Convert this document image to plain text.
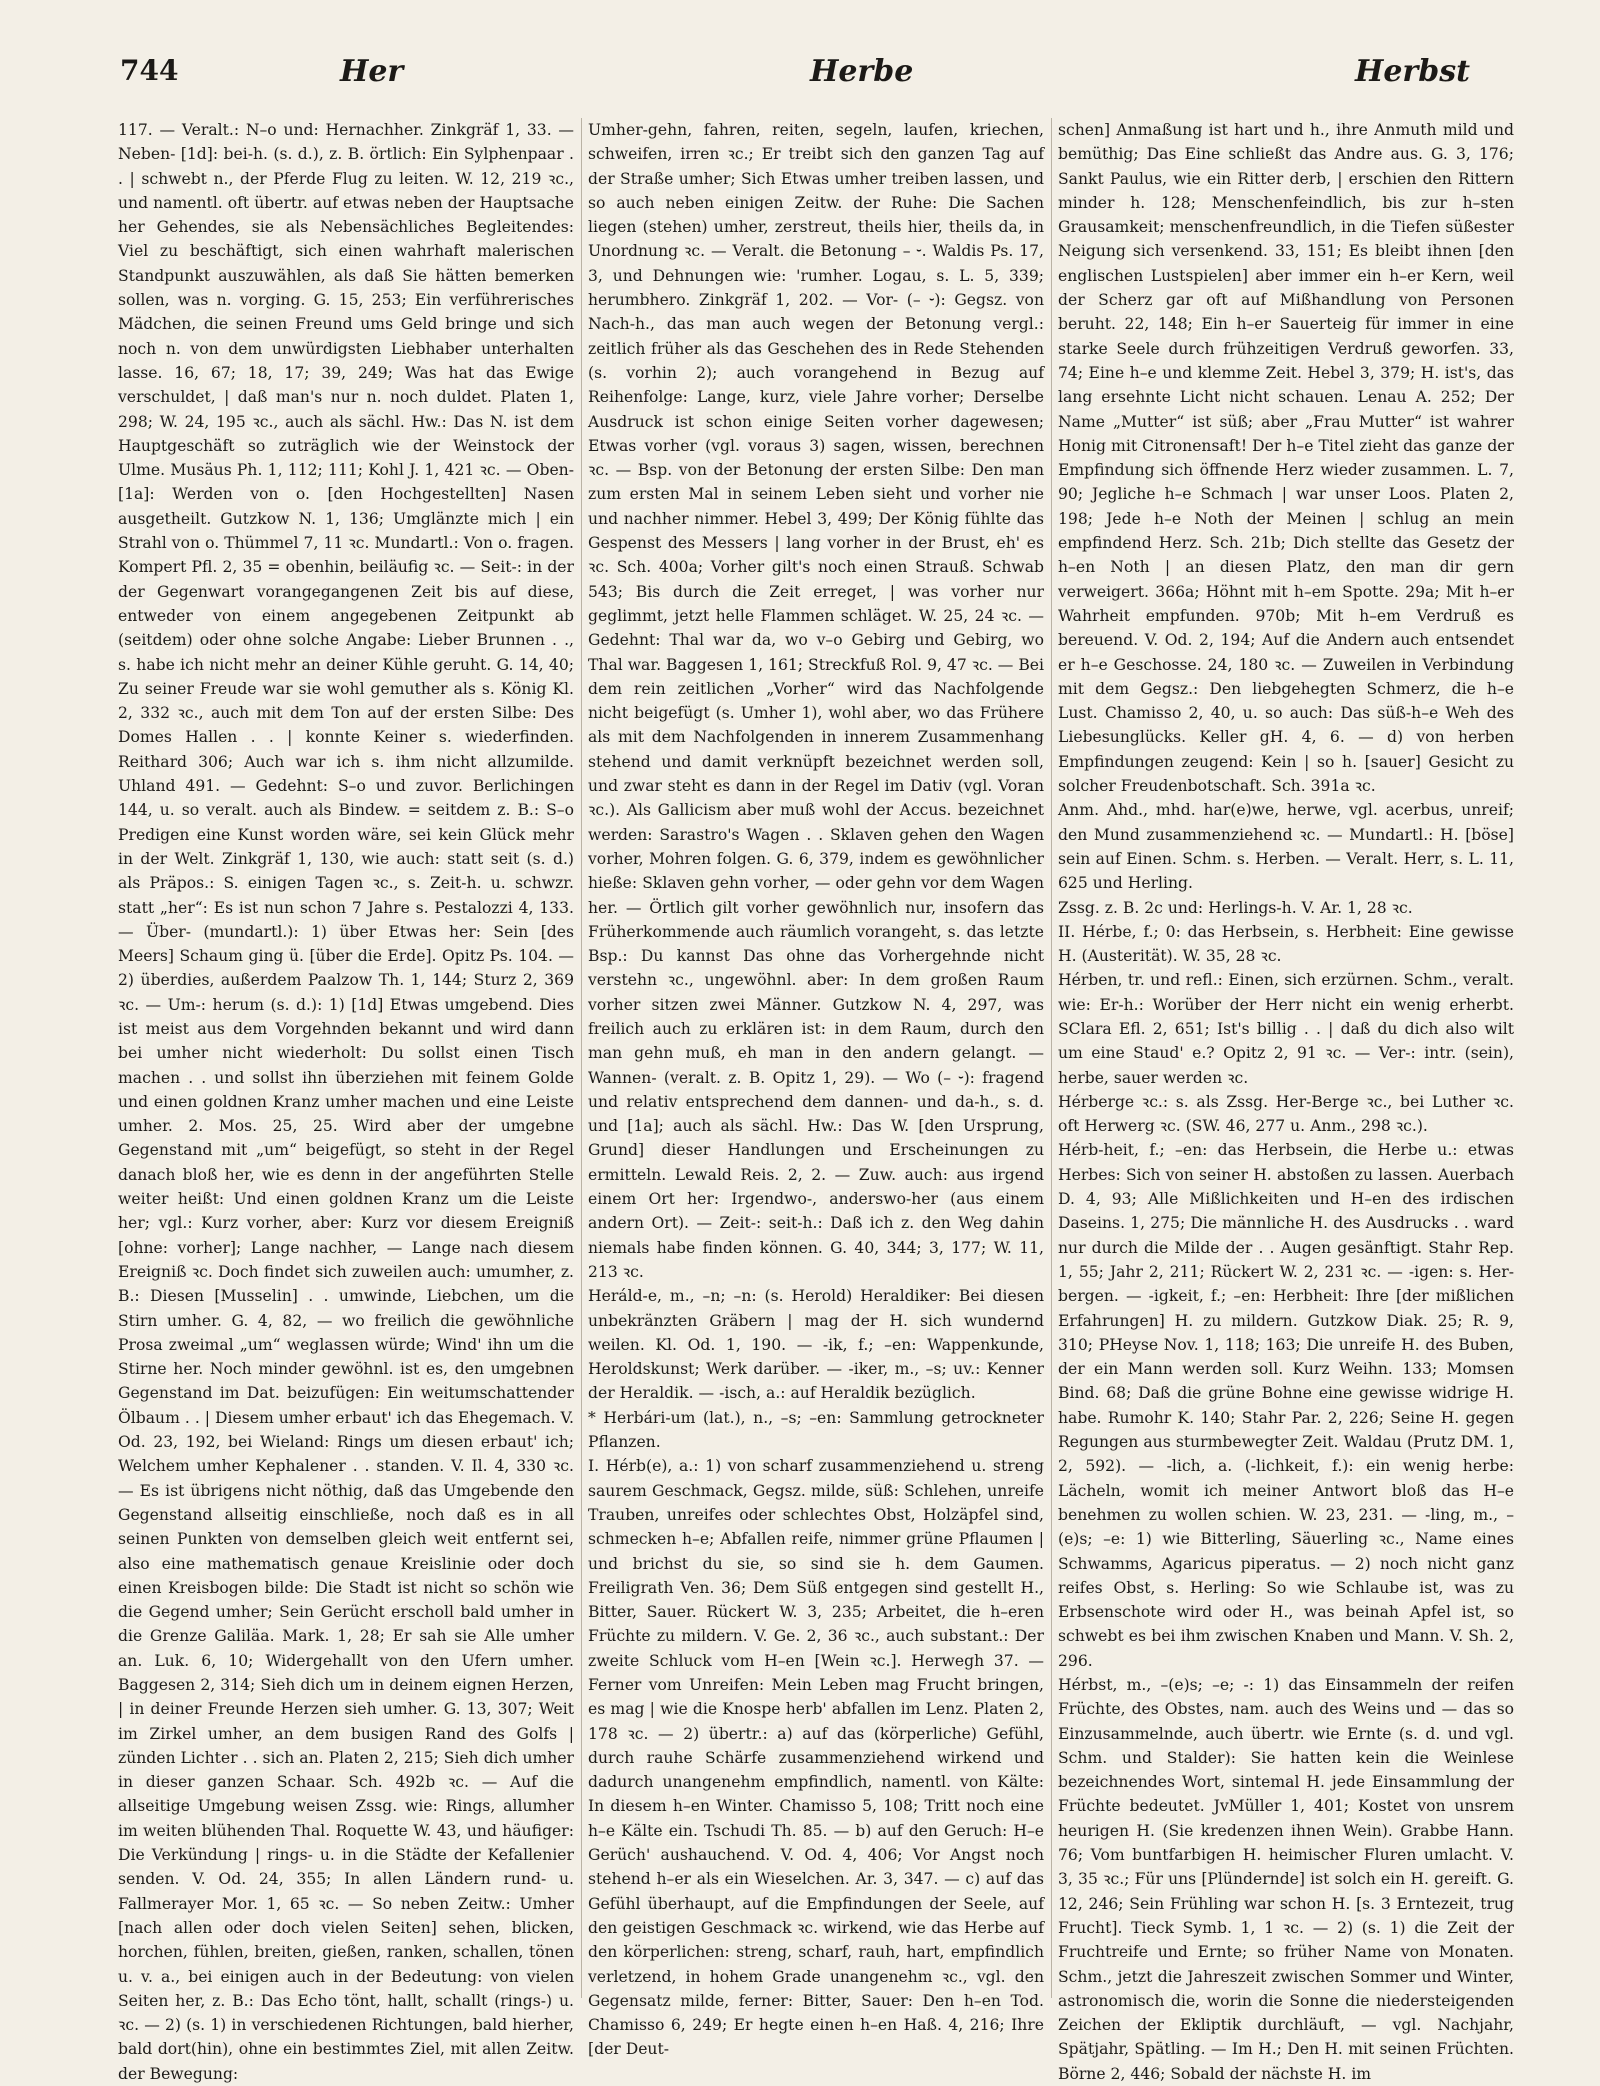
744	Her	Herbe	Herbst

117. — Veralt.: N–o und: Hernachher. Zinkgräf 1, 33. — Neben- [1d]: bei-h. (s. d.), z. B. örtlich: Ein Sylphenpaar . . | schwebt n., der Pferde Flug zu leiten. W. 12, 219 ꝛc., und namentl. oft übertr. auf etwas neben der Hauptsache her Gehendes, sie als Nebensächliches Begleitendes: Viel zu beschäftigt, sich einen wahrhaft malerischen Standpunkt auszuwählen, als daß Sie hätten bemerken sollen, was n. vorging. G. 15, 253; Ein verführerisches Mädchen, die seinen Freund ums Geld bringe und sich noch n. von dem unwürdigsten Liebhaber unterhalten lasse. 16, 67; 18, 17; 39, 249; Was hat das Ewige verschuldet, | daß man's nur n. noch duldet. Platen 1, 298; W. 24, 195 ꝛc., auch als sächl. Hw.: Das N. ist dem Hauptgeschäft so zuträglich wie der Weinstock der Ulme. Musäus Ph. 1, 112; 111; Kohl J. 1, 421 ꝛc. — Oben- [1a]: Werden von o. [den Hochgestellten] Nasen ausgetheilt. Gutzkow N. 1, 136; Umglänzte mich | ein Strahl von o. Thümmel 7, 11 ꝛc. Mundartl.: Von o. fragen. Kompert Pfl. 2, 35 = obenhin, beiläufig ꝛc. — Seit-: in der der Gegenwart vorangegangenen Zeit bis auf diese, entweder von einem angegebenen Zeitpunkt ab (seitdem) oder ohne solche Angabe: Lieber Brunnen . ., s. habe ich nicht mehr an deiner Kühle geruht. G. 14, 40; Zu seiner Freude war sie wohl gemuther als s. König Kl. 2, 332 ꝛc., auch mit dem Ton auf der ersten Silbe: Des Domes Hallen . . | konnte Keiner s. wiederfinden. Reithard 306; Auch war ich s. ihm nicht allzumilde. Uhland 491. — Gedehnt: S–o und zuvor. Berlichingen 144, u. so veralt. auch als Bindew. = seitdem z. B.: S–o Predigen eine Kunst worden wäre, sei kein Glück mehr in der Welt. Zinkgräf 1, 130, wie auch: statt seit (s. d.) als Präpos.: S. einigen Tagen ꝛc., s. Zeit-h. u. schwzr. statt „her“: Es ist nun schon 7 Jahre s. Pestalozzi 4, 133. — Über- (mundartl.): 1) über Etwas her: Sein [des Meers] Schaum ging ü. [über die Erde]. Opitz Ps. 104. — 2) überdies, außerdem Paalzow Th. 1, 144; Sturz 2, 369 ꝛc. — Um-: herum (s. d.): 1) [1d] Etwas umgebend. Dies ist meist aus dem Vorgehnden bekannt und wird dann bei umher nicht wiederholt: Du sollst einen Tisch machen . . und sollst ihn überziehen mit feinem Golde und einen goldnen Kranz umher machen und eine Leiste umher. 2. Mos. 25, 25. Wird aber der umgebne Gegenstand mit „um“ beigefügt, so steht in der Regel danach bloß her, wie es denn in der angeführten Stelle weiter heißt: Und einen goldnen Kranz um die Leiste her; vgl.: Kurz vorher, aber: Kurz vor diesem Ereigniß [ohne: vorher]; Lange nachher, — Lange nach diesem Ereigniß ꝛc. Doch findet sich zuweilen auch: umumher, z. B.: Diesen [Musselin] . . umwinde, Liebchen, um die Stirn umher. G. 4, 82, — wo freilich die gewöhnliche Prosa zweimal „um“ weglassen würde; Wind' ihn um die Stirne her. Noch minder gewöhnl. ist es, den umgebnen Gegenstand im Dat. beizufügen: Ein weitumschattender Ölbaum . . | Diesem umher erbaut' ich das Ehegemach. V. Od. 23, 192, bei Wieland: Rings um diesen erbaut' ich; Welchem umher Kephalener . . standen. V. Il. 4, 330 ꝛc. — Es ist übrigens nicht nöthig, daß das Umgebende den Gegenstand allseitig einschließe, noch daß es in all seinen Punkten von demselben gleich weit entfernt sei, also eine mathematisch genaue Kreislinie oder doch einen Kreisbogen bilde: Die Stadt ist nicht so schön wie die Gegend umher; Sein Gerücht erscholl bald umher in die Grenze Galiläa. Mark. 1, 28; Er sah sie Alle umher an. Luk. 6, 10; Widergehallt von den Ufern umher. Baggesen 2, 314; Sieh dich um in deinem eignen Herzen, | in deiner Freunde Herzen sieh umher. G. 13, 307; Weit im Zirkel umher, an dem busigen Rand des Golfs | zünden Lichter . . sich an. Platen 2, 215; Sieh dich umher in dieser ganzen Schaar. Sch. 492b ꝛc. — Auf die allseitige Umgebung weisen Zssg. wie: Rings, allumher im weiten blühenden Thal. Roquette W. 43, und häufiger: Die Verkündung | rings- u. in die Städte der Kefallenier senden. V. Od. 24, 355; In allen Ländern rund- u. Fallmerayer Mor. 1, 65 ꝛc. — So neben Zeitw.: Umher [nach allen oder doch vielen Seiten] sehen, blicken, horchen, fühlen, breiten, gießen, ranken, schallen, tönen u. v. a., bei einigen auch in der Bedeutung: von vielen Seiten her, z. B.: Das Echo tönt, hallt, schallt (rings-) u. ꝛc. — 2) (s. 1) in verschiedenen Richtungen, bald hierher, bald dort(hin), ohne ein bestimmtes Ziel, mit allen Zeitw. der Bewegung:

Umher-gehn, fahren, reiten, segeln, laufen, kriechen, schweifen, irren ꝛc.; Er treibt sich den ganzen Tag auf der Straße umher; Sich Etwas umher treiben lassen, und so auch neben einigen Zeitw. der Ruhe: Die Sachen liegen (stehen) umher, zerstreut, theils hier, theils da, in Unordnung ꝛc. — Veralt. die Betonung – ⏑. Waldis Ps. 17, 3, und Dehnungen wie: 'rumher. Logau, s. L. 5, 339; herumbhero. Zinkgräf 1, 202. — Vor- (– ⏑): Gegsz. von Nach-h., das man auch wegen der Betonung vergl.: zeitlich früher als das Geschehen des in Rede Stehenden (s. vorhin 2); auch vorangehend in Bezug auf Reihenfolge: Lange, kurz, viele Jahre vorher; Derselbe Ausdruck ist schon einige Seiten vorher dagewesen; Etwas vorher (vgl. voraus 3) sagen, wissen, berechnen ꝛc. — Bsp. von der Betonung der ersten Silbe: Den man zum ersten Mal in seinem Leben sieht und vorher nie und nachher nimmer. Hebel 3, 499; Der König fühlte das Gespenst des Messers | lang vorher in der Brust, eh' es ꝛc. Sch. 400a; Vorher gilt's noch einen Strauß. Schwab 543; Bis durch die Zeit erreget, | was vorher nur geglimmt, jetzt helle Flammen schläget. W. 25, 24 ꝛc. — Gedehnt: Thal war da, wo v–o Gebirg und Gebirg, wo Thal war. Baggesen 1, 161; Streckfuß Rol. 9, 47 ꝛc. — Bei dem rein zeitlichen „Vorher“ wird das Nachfolgende nicht beigefügt (s. Umher 1), wohl aber, wo das Frühere als mit dem Nachfolgenden in innerem Zusammenhang stehend und damit verknüpft bezeichnet werden soll, und zwar steht es dann in der Regel im Dativ (vgl. Voran ꝛc.). Als Gallicism aber muß wohl der Accus. bezeichnet werden: Sarastro's Wagen . . Sklaven gehen den Wagen vorher, Mohren folgen. G. 6, 379, indem es gewöhnlicher hieße: Sklaven gehn vorher, — oder gehn vor dem Wagen her. — Örtlich gilt vorher gewöhnlich nur, insofern das Früherkommende auch räumlich vorangeht, s. das letzte Bsp.: Du kannst Das ohne das Vorhergehnde nicht verstehn ꝛc., ungewöhnl. aber: In dem großen Raum vorher sitzen zwei Männer. Gutzkow N. 4, 297, was freilich auch zu erklären ist: in dem Raum, durch den man gehn muß, eh man in den andern gelangt. — Wannen- (veralt. z. B. Opitz 1, 29). — Wo (– ⏑): fragend und relativ entsprechend dem dannen- und da-h., s. d. und [1a]; auch als sächl. Hw.: Das W. [den Ursprung, Grund] dieser Handlungen und Erscheinungen zu ermitteln. Lewald Reis. 2, 2. — Zuw. auch: aus irgend einem Ort her: Irgendwo-, anderswo-her (aus einem andern Ort). — Zeit-: seit-h.: Daß ich z. den Weg dahin niemals habe finden können. G. 40, 344; 3, 177; W. 11, 213 ꝛc.

Heráld-e, m., –n; –n: (s. Herold) Heraldiker: Bei diesen unbekränzten Gräbern | mag der H. sich wundernd weilen. Kl. Od. 1, 190. — -ik, f.; –en: Wappenkunde, Heroldskunst; Werk darüber. — -iker, m., –s; uv.: Kenner der Heraldik. — -isch, a.: auf Heraldik bezüglich.

* Herbári-um (lat.), n., –s; –en: Sammlung getrockneter Pflanzen.

I. Hérb(e), a.: 1) von scharf zusammenziehend u. streng saurem Geschmack, Gegsz. milde, süß: Schlehen, unreife Trauben, unreifes oder schlechtes Obst, Holzäpfel sind, schmecken h–e; Abfallen reife, nimmer grüne Pflaumen | und brichst du sie, so sind sie h. dem Gaumen. Freiligrath Ven. 36; Dem Süß entgegen sind gestellt H., Bitter, Sauer. Rückert W. 3, 235; Arbeitet, die h–eren Früchte zu mildern. V. Ge. 2, 36 ꝛc., auch substant.: Der zweite Schluck vom H–en [Wein ꝛc.]. Herwegh 37. — Ferner vom Unreifen: Mein Leben mag Frucht bringen, es mag | wie die Knospe herb' abfallen im Lenz. Platen 2, 178 ꝛc. — 2) übertr.: a) auf das (körperliche) Gefühl, durch rauhe Schärfe zusammenziehend wirkend und dadurch unangenehm empfindlich, namentl. von Kälte: In diesem h–en Winter. Chamisso 5, 108; Tritt noch eine h–e Kälte ein. Tschudi Th. 85. — b) auf den Geruch: H–e Gerüch' aushauchend. V. Od. 4, 406; Vor Angst noch stehend h–er als ein Wieselchen. Ar. 3, 347. — c) auf das Gefühl überhaupt, auf die Empfindungen der Seele, auf den geistigen Geschmack ꝛc. wirkend, wie das Herbe auf den körperlichen: streng, scharf, rauh, hart, empfindlich verletzend, in hohem Grade unangenehm ꝛc., vgl. den Gegensatz milde, ferner: Bitter, Sauer: Den h–en Tod. Chamisso 6, 249; Er hegte einen h–en Haß. 4, 216; Ihre [der Deut-

schen] Anmaßung ist hart und h., ihre Anmuth mild und bemüthig; Das Eine schließt das Andre aus. G. 3, 176; Sankt Paulus, wie ein Ritter derb, | erschien den Rittern minder h. 128; Menschenfeindlich, bis zur h–sten Grausamkeit; menschenfreundlich, in die Tiefen süßester Neigung sich versenkend. 33, 151; Es bleibt ihnen [den englischen Lustspielen] aber immer ein h–er Kern, weil der Scherz gar oft auf Mißhandlung von Personen beruht. 22, 148; Ein h–er Sauerteig für immer in eine starke Seele durch frühzeitigen Verdruß geworfen. 33, 74; Eine h–e und klemme Zeit. Hebel 3, 379; H. ist's, das lang ersehnte Licht nicht schauen. Lenau A. 252; Der Name „Mutter“ ist süß; aber „Frau Mutter“ ist wahrer Honig mit Citronensaft! Der h–e Titel zieht das ganze der Empfindung sich öffnende Herz wieder zusammen. L. 7, 90; Jegliche h–e Schmach | war unser Loos. Platen 2, 198; Jede h–e Noth der Meinen | schlug an mein empfindend Herz. Sch. 21b; Dich stellte das Gesetz der h–en Noth | an diesen Platz, den man dir gern verweigert. 366a; Höhnt mit h–em Spotte. 29a; Mit h–er Wahrheit empfunden. 970b; Mit h–em Verdruß es bereuend. V. Od. 2, 194; Auf die Andern auch entsendet er h–e Geschosse. 24, 180 ꝛc. — Zuweilen in Verbindung mit dem Gegsz.: Den liebgehegten Schmerz, die h–e Lust. Chamisso 2, 40, u. so auch: Das süß-h–e Weh des Liebesunglücks. Keller gH. 4, 6. — d) von herben Empfindungen zeugend: Kein | so h. [sauer] Gesicht zu solcher Freudenbotschaft. Sch. 391a ꝛc.

Anm. Ahd., mhd. har(e)we, herwe, vgl. acerbus, unreif; den Mund zusammenziehend ꝛc. — Mundartl.: H. [böse] sein auf Einen. Schm. s. Herben. — Veralt. Herr, s. L. 11, 625 und Herling.

Zssg. z. B. 2c und: Herlings-h. V. Ar. 1, 28 ꝛc.

II. Hérbe, f.; 0: das Herbsein, s. Herbheit: Eine gewisse H. (Austerität). W. 35, 28 ꝛc.

Hérben, tr. und refl.: Einen, sich erzürnen. Schm., veralt. wie: Er-h.: Worüber der Herr nicht ein wenig erherbt. SClara Efl. 2, 651; Ist's billig . . | daß du dich also wilt um eine Staud' e.? Opitz 2, 91 ꝛc. — Ver-: intr. (sein), herbe, sauer werden ꝛc.

Hérberge ꝛc.: s. als Zssg. Her-Berge ꝛc., bei Luther ꝛc. oft Herwerg ꝛc. (SW. 46, 277 u. Anm., 298 ꝛc.).

Hérb-heit, f.; –en: das Herbsein, die Herbe u.: etwas Herbes: Sich von seiner H. abstoßen zu lassen. Auerbach D. 4, 93; Alle Mißlichkeiten und H–en des irdischen Daseins. 1, 275; Die männliche H. des Ausdrucks . . ward nur durch die Milde der . . Augen gesänftigt. Stahr Rep. 1, 55; Jahr 2, 211; Rückert W. 2, 231 ꝛc. — -igen: s. Her-bergen. — -igkeit, f.; –en: Herbheit: Ihre [der mißlichen Erfahrungen] H. zu mildern. Gutzkow Diak. 25; R. 9, 310; PHeyse Nov. 1, 118; 163; Die unreife H. des Buben, der ein Mann werden soll. Kurz Weihn. 133; Momsen Bind. 68; Daß die grüne Bohne eine gewisse widrige H. habe. Rumohr K. 140; Stahr Par. 2, 226; Seine H. gegen Regungen aus sturmbewegter Zeit. Waldau (Prutz DM. 1, 2, 592). — -lich, a. (-lichkeit, f.): ein wenig herbe: Lächeln, womit ich meiner Antwort bloß das H–e benehmen zu wollen schien. W. 23, 231. — -ling, m., –(e)s; –e: 1) wie Bitterling, Säuerling ꝛc., Name eines Schwamms, Agaricus piperatus. — 2) noch nicht ganz reifes Obst, s. Herling: So wie Schlaube ist, was zu Erbsenschote wird oder H., was beinah Apfel ist, so schwebt es bei ihm zwischen Knaben und Mann. V. Sh. 2, 296.

Hérbst, m., –(e)s; –e; -: 1) das Einsammeln der reifen Früchte, des Obstes, nam. auch des Weins und — das so Einzusammelnde, auch übertr. wie Ernte (s. d. und vgl. Schm. und Stalder): Sie hatten kein die Weinlese bezeichnendes Wort, sintemal H. jede Einsammlung der Früchte bedeutet. JvMüller 1, 401; Kostet von unsrem heurigen H. (Sie kredenzen ihnen Wein). Grabbe Hann. 76; Vom buntfarbigen H. heimischer Fluren umlacht. V. 3, 35 ꝛc.; Für uns [Plündernde] ist solch ein H. gereift. G. 12, 246; Sein Frühling war schon H. [s. 3 Erntezeit, trug Frucht]. Tieck Symb. 1, 1 ꝛc. — 2) (s. 1) die Zeit der Fruchtreife und Ernte; so früher Name von Monaten. Schm., jetzt die Jahreszeit zwischen Sommer und Winter, astronomisch die, worin die Sonne die niedersteigenden Zeichen der Ekliptik durchläuft, — vgl. Nachjahr, Spätjahr, Spätling. — Im H.; Den H. mit seinen Früchten. Börne 2, 446; Sobald der nächste H. im
